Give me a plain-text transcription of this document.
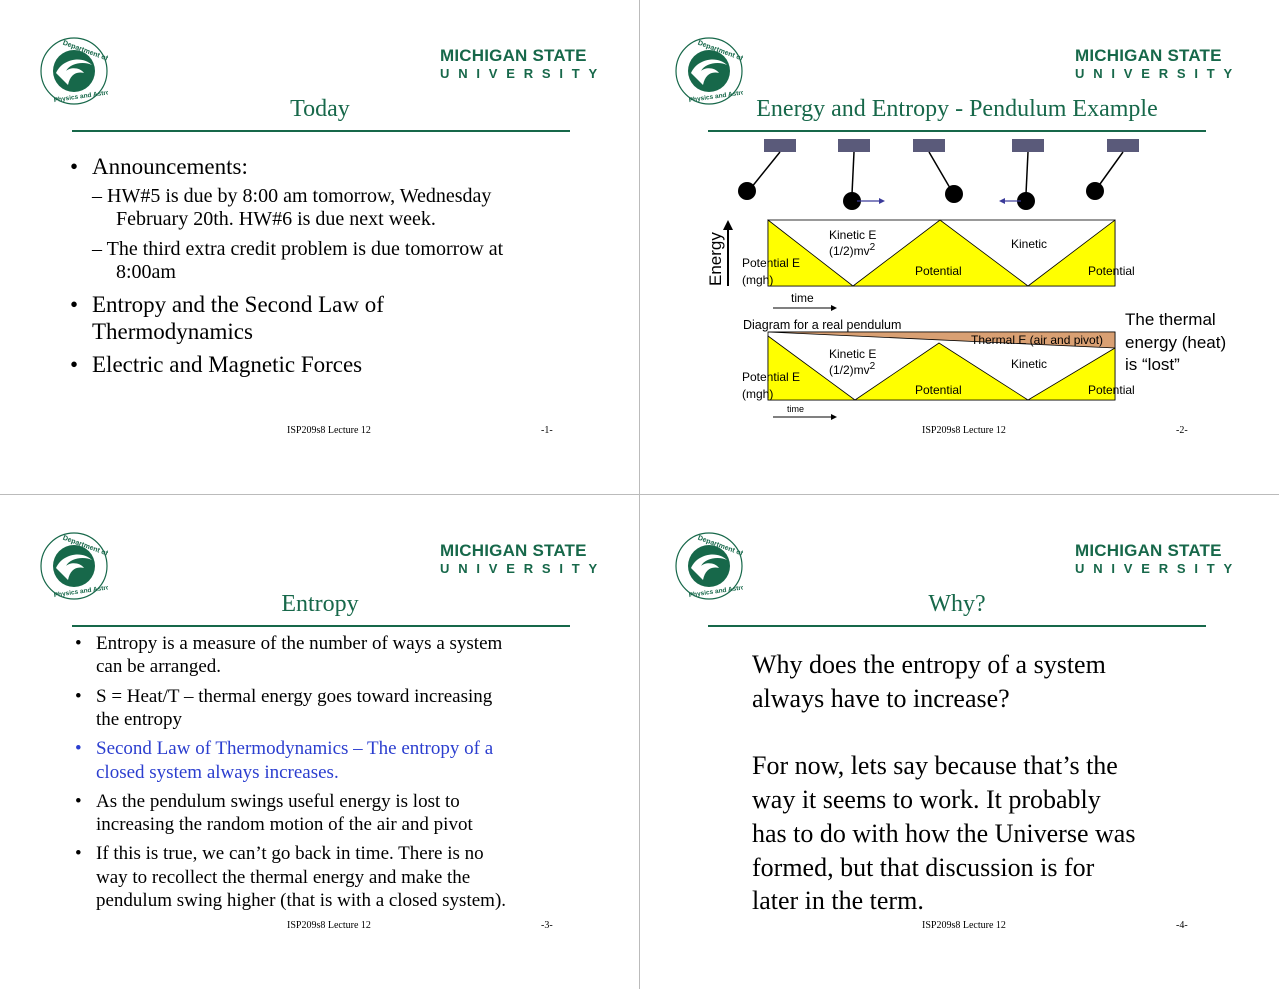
MICHIGAN STATE
UNIVERSITY
Today
• Announcements:
– HW#5 is due by 8:00 am tomorrow, Wednesday
February 20th. HW#6 is due next week.
– The third extra credit problem is due tomorrow at
8:00am
• Entropy and the Second Law of
Thermodynamics
• Electric and Magnetic Forces
ISP209s8 Lecture 12	-1-
MICHIGAN STATE
UNIVERSITY
Energy and Entropy - Pendulum Example
Energy	Kinetic E
$(1/2)mv^2$	Kinetic
Potential E
(mgh)
Potential	Potential
time
Diagram for a real pendulum
Thermal E (air and pivot)
Kinetic E
$(1/2)mv^2$	Kinetic
Potential E
(mgh)	Potential	Potential
time
The thermal
energy (heat)
is “lost”
ISP209s8 Lecture 12	-2-
MICHIGAN STATE
UNIVERSITY
Entropy
• Entropy is a measure of the number of ways a system
can be arranged.
• S = Heat/T – thermal energy goes toward increasing
the entropy
• Second Law of Thermodynamics – The entropy of a
closed system always increases.
• As the pendulum swings useful energy is lost to
increasing the random motion of the air and pivot
• If this is true, we can’t go back in time. There is no
way to recollect the thermal energy and make the
pendulum swing higher (that is with a closed system).
ISP209s8 Lecture 12	-3-
MICHIGAN STATE
UNIVERSITY
Why?
Why does the entropy of a system
always have to increase?
For now, lets say because that’s the
way it seems to work. It probably
has to do with how the Universe was
formed, but that discussion is for
later in the term.
ISP209s8 Lecture 12	-4-
